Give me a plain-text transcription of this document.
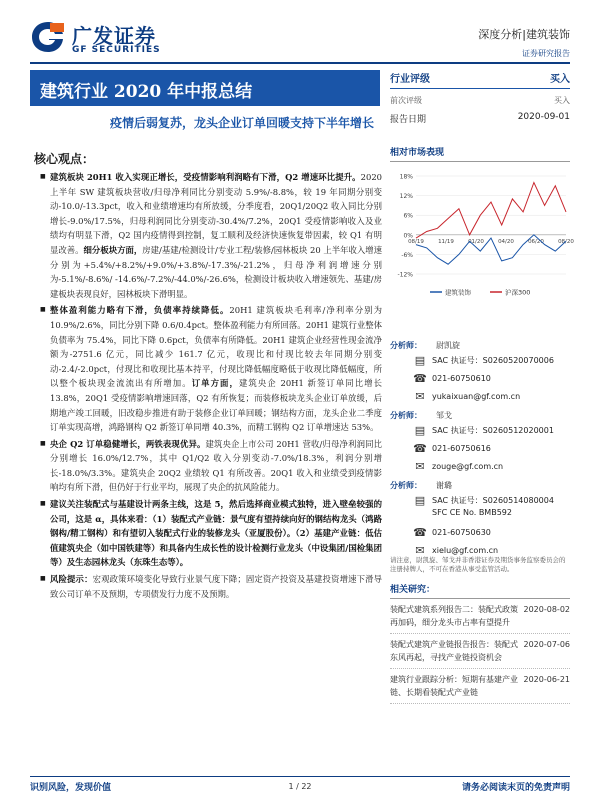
广发证券
GF SECURITIES
深度分析|建筑装饰
证券研究报告
建筑行业 2020 年中报总结
疫情后弱复苏，龙头企业订单回暖支持下半年增长
行业评级	买入
前次评级	买入
报告日期	2020-09-01
相对市场表现
-12%
-6%
0%
6%
12%
18%
08/19	11/19	01/20	04/20	06/20	08/20
建筑装饰	沪深300
分析师： 尉凯旋
▤ SAC 执证号：S0260520070006
☎ 021-60750610
✉ yukaixuan@gf.com.cn
分析师： 邹戈
▤ SAC 执证号：S0260512020001
☎ 021-60750616
✉ zouge@gf.com.cn
分析师： 谢璐
▤ SAC 执证号：S0260514080004
SFC CE No. BMB592
☎ 021-60750630
✉ xielu@gf.com.cn
请注意，尉凯旋、邹戈并非香港证券及期货事务监察委员会的注册持牌人，不可在香港从事受监管活动。
相关研究：
装配式建筑系列报告二：装配式政策再加码，细分龙头市占率有望提升
2020-08-02
装配式建筑产业链报告报告：装配式东风再起，寻找产业链投资机会
2020-07-06
建筑行业跟踪分析：短期有基建产业链、长期看装配式产业链
2020-06-21
核心观点：
■ 建筑板块 20H1 收入实现正增长，受疫情影响利润略有下滑，Q2 增速环比提升。2020 上半年 SW 建筑板块营收/归母净利同比分别变动 5.9%/-8.8%，较 19 年同期分别变动-10.0/-13.3pct，收入和业绩增速均有所放缓，分季度看，20Q1/20Q2 收入同比分别增长-9.0%/17.5%，归母利润同比分别变动-30.4%/7.2%，20Q1 受疫情影响收入及业绩均有明显下滑，Q2 国内疫情得到控制，复工顺利及经济快速恢复带因素，较 Q1 有明显改善。细分板块方面，房建/基建/检测设计/专业工程/装修/园林板块 20 上半年收入增速分别为+5.4%/+8.2%/+9.0%/+3.8%/-17.3%/-21.2%，归母净利润增速分别为-5.1%/-8.6%/ -14.6%/-7.2%/-44.0%/-26.6%，检测设计板块收入增速领先、基建/房建板块表现良好，园林板块下滑明显。
■ 整体盈利能力略有下滑，负债率持续降低。20H1 建筑板块毛利率/净利率分别为 10.9%/2.6%，同比分别下降 0.6/0.4pct。整体盈利能力有所回落。20H1 建筑行业整体负债率为 75.4%，同比下降 0.6pct，负债率有所降低。20H1 建筑企业经营性现金流净额为-2751.6 亿元，同比减少 161.7 亿元，收现比和付现比较去年同期分别变动-2.4/-2.0pct，付现比和收现比基本持平，付现比降低幅度略低于收现比降低幅度，所以整个板块现金流流出有所增加。订单方面，建筑央企 20H1 新签订单同比增长 13.8%，20Q1 受疫情影响增速回落，Q2 有所恢复；而装修板块龙头企业订单放缓，后期地产竣工回暖，旧改稳步推进有助于装修企业订单回暖；钢结构方面，龙头企业二季度订单实现高增，鸿路钢构 Q2 新签订单同增 40.3%，而精工钢构 Q2 订单增速达 53%。
■ 央企 Q2 订单稳健增长，两铁表现优异。建筑央企上市公司 20H1 营收/归母净利润同比分别增长 16.0%/12.7%，其中 Q1/Q2 收入分别变动-7.0%/18.3%，利润分别增长-18.0%/3.3%。建筑央企 20Q2 业绩较 Q1 有所改善。20Q1 收入和业绩受到疫情影响均有所下滑，但仍好于行业平均，展现了央企的抗风险能力。
■ 建议关注装配式与基建设计两条主线，这是 5，然后选择商业模式独特，进入壁垒较强的公司，这是 α，具体来看：（1）装配式产业链：景气度有望持续向好的钢结构龙头（鸿路钢构/精工钢构）和有望切入装配式行业的装修龙头（亚厦股份）。（2）基建产业链：低估值建筑央企（如中国铁建等）和具备内生成长性的设计检测行业龙头（中设集团/国检集团等）及生态园林龙头（东珠生态等）。
■ 风险提示：宏观政策环境变化导致行业景气度下降；固定资产投资及基建投资增速下滑导致公司订单不及预期，专项债发行力度不及预期。
识别风险，发现价值	1 / 22	请务必阅读末页的免责声明
